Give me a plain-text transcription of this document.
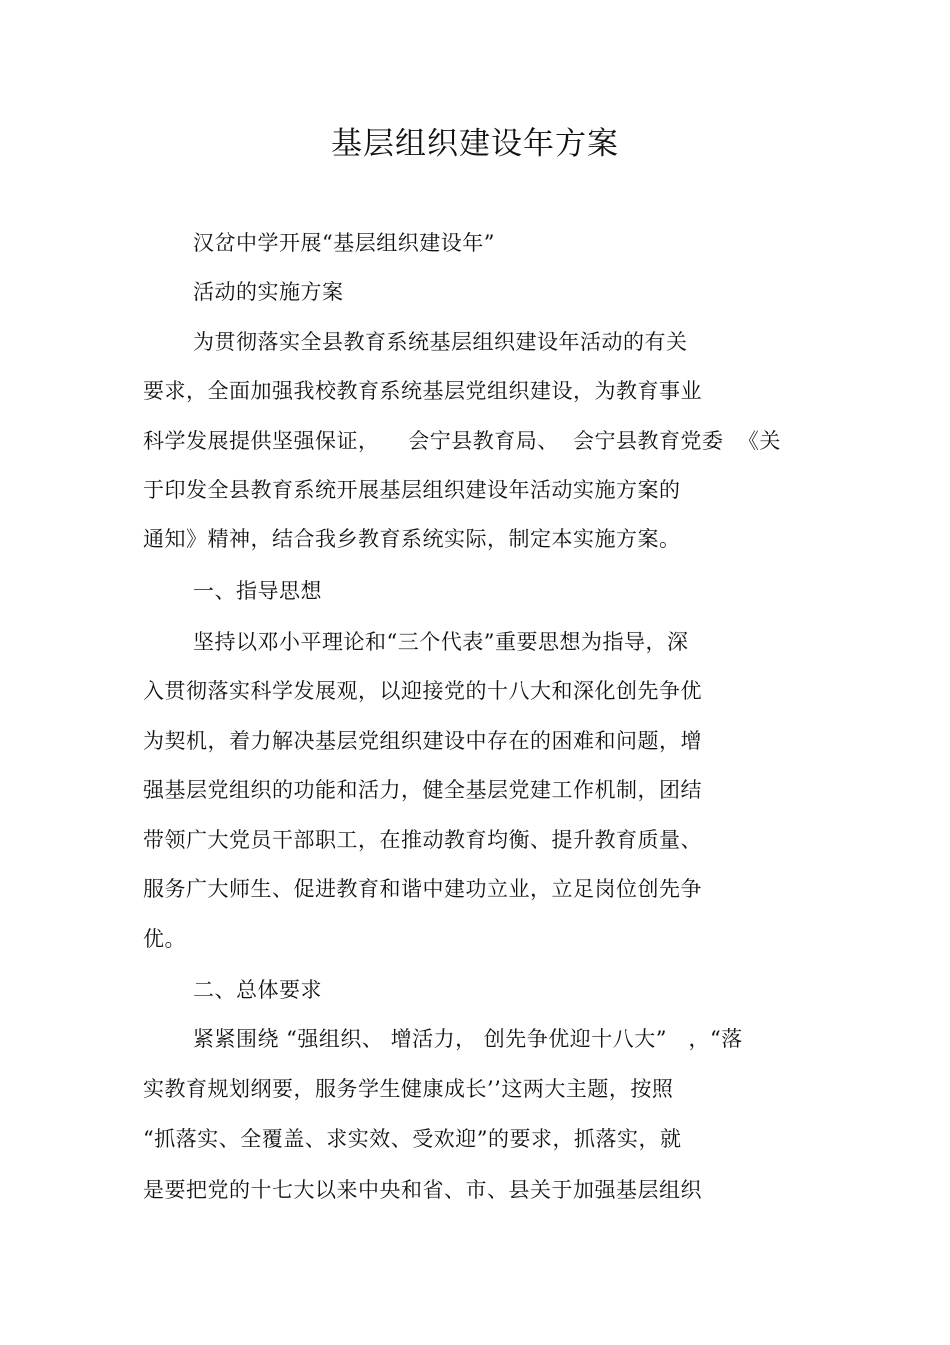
基层组织建设年方案
汉岔中学开展“基层组织建设年”
活动的实施方案
为贯彻落实全县教育系统基层组织建设年活动的有关
要求，全面加强我校教育系统基层党组织建设，为教育事业
科学发展提供坚强保证，    会宁县教育局、  会宁县教育党委  《关
于印发全县教育系统开展基层组织建设年活动实施方案的
通知》精神，结合我乡教育系统实际，制定本实施方案。
一、指导思想
坚持以邓小平理论和“三个代表”重要思想为指导，深
入贯彻落实科学发展观，以迎接党的十八大和深化创先争优
为契机，着力解决基层党组织建设中存在的困难和问题，增
强基层党组织的功能和活力，健全基层党建工作机制，团结
带领广大党员干部职工，在推动教育均衡、提升教育质量、
服务广大师生、促进教育和谐中建功立业，立足岗位创先争
优。
二、总体要求
紧紧围绕 “强组织、 增活力， 创先争优迎十八大”   ，“落
实教育规划纲要，服务学生健康成长’’这两大主题，按照
“抓落实、全覆盖、求实效、受欢迎”的要求，抓落实，就
是要把党的十七大以来中央和省、市、县关于加强基层组织
